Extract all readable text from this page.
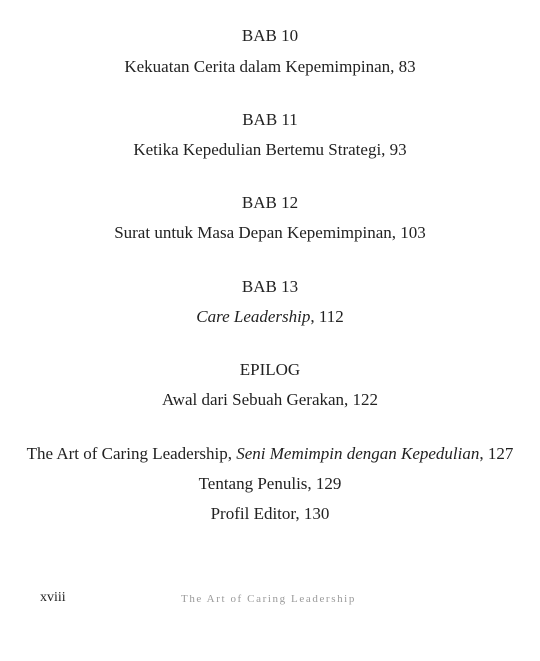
BAB 10
Kekuatan Cerita dalam Kepemimpinan, 83
BAB 11
Ketika Kepedulian Bertemu Strategi, 93
BAB 12
Surat untuk Masa Depan Kepemimpinan, 103
BAB 13
Care Leadership, 112
EPILOG
Awal dari Sebuah Gerakan, 122
The Art of Caring Leadership, Seni Memimpin dengan Kepedulian, 127
Tentang Penulis, 129
Profil Editor, 130
xviii	The Art of Caring Leadership
